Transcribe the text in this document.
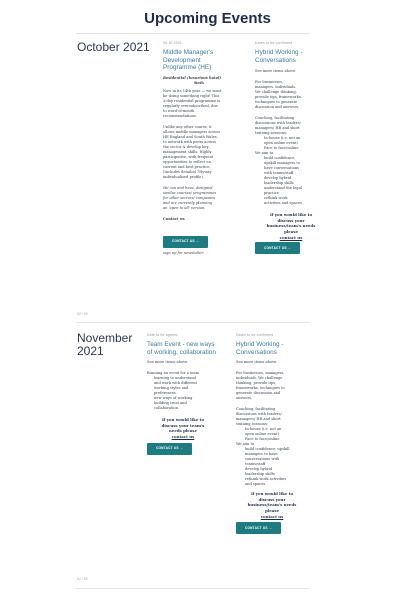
Upcoming Events
October 2021	05.10.2021
Middle Manager's Development Programme (HE)
Residential (luxurious hotel)
Bath
Now in its 14th year — we must
be doing something right! This
3-day residential programme is
regularly oversubscribed, due
to word-of-mouth
recommendations.
Unlike any other course, it
allows middle managers across
HE England and South Wales,
to network with peers across
the sector & develop key
management skills. Highly
participative, with frequent
opportunities to reflect on
current and best practice.
(Includes detailed 7Hyway
individualised profile).
We can and have, designed
similar courses/ programmes
for other sectors/ companies
and are currently planning
an 'open to all' version.
Contact us
CONTACT US →
sign up for newsletter.
Dates to be confirmed
Hybrid Working - Conversations
See more items above.
For businesses,
managers, individuals.
We challenge thinking,
provide tips, frameworks,
techniques to generate
discussion and answers.
Coaching, facilitating
discussions with leaders/
managers/ HR and short
training sessions:
In-house (i.e. not an
open online event)
Face to face/online
We aim to
build confidence,
upskill managers to
have conversations
with teams/staff
develop hybrid
leadership skills
understand the legal
practice
rethink work
activities and spaces.
If you would like to
discuss your
business/team's needs
please
contact us
CONTACT US →
02 / 02
November 2021
Date to be agreed
Team Event - new ways of working, collaboration
See more items above.
Running an event for a team
learning to understand
and work with different
working styles and
preferences
new ways of working
building trust and
collaboration
If you would like to
discuss your team's
needs please
contact us
CONTACT US →
Dates to be confirmed
Hybrid Working - Conversations
See more items above.
For businesses, managers,
individuals. We challenge
thinking, provide tips,
frameworks, techniques to
generate discussion and
answers.
Coaching, facilitating
discussions with leaders/
managers/ HR and short
training sessions:
In-house (i.e. not an
open online event)
Face to face/online
We aim to
build confidence, upskill
managers to have
conversations with
teams/staff
develop hybrid
leadership skills
rethink work activities
and spaces.
If you would like to
discuss your
business/team's needs
please
contact us
CONTACT US →
02 / 02
